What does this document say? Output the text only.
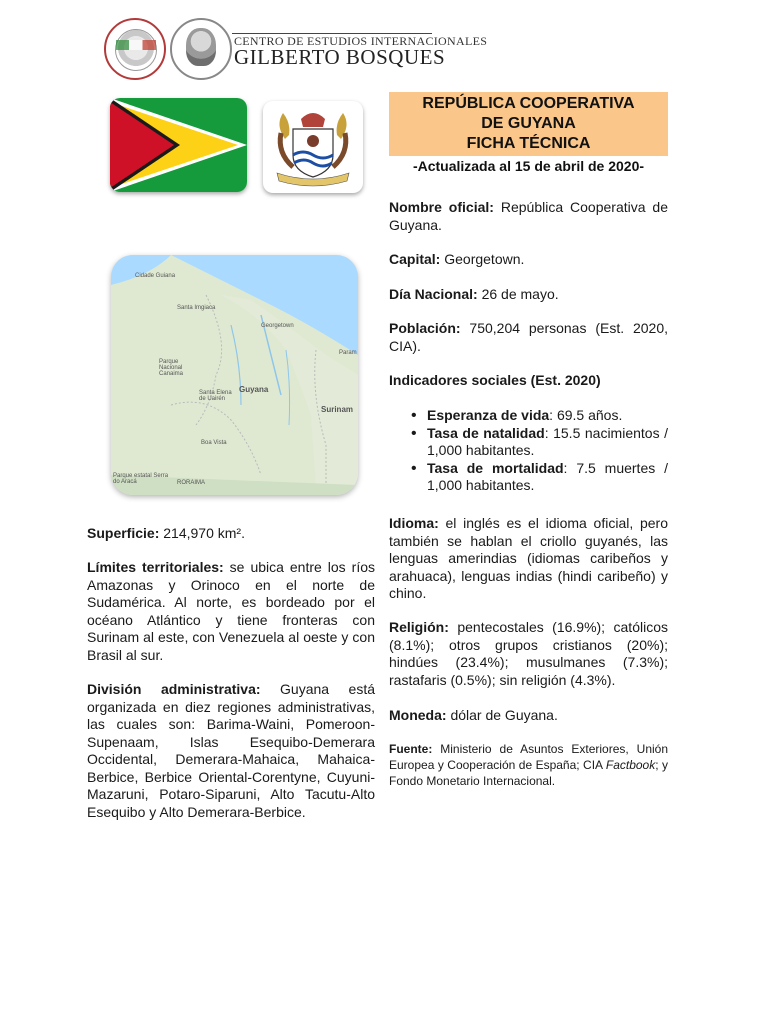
CENTRO DE ESTUDIOS INTERNACIONALES
GILBERTO BOSQUES
Cidade Guiana
Santa Imgiaca
Georgetown
Guyana
Surinam
Parque Nacional Canaima
Santa Elena de Uairén
Boa Vista
Param
RORAIMA
Parque estatal Serra do Aracá
REPÚBLICA COOPERATIVA
DE GUYANA
FICHA TÉCNICA
-Actualizada al 15 de abril de 2020-
Superficie: 214,970 km².
Límites territoriales: se ubica entre los ríos Amazonas y Orinoco en el norte de Sudamérica. Al norte, es bordeado por el océano Atlántico y tiene fronteras con Surinam al este, con Venezuela al oeste y con Brasil al sur.
División administrativa: Guyana está organizada en diez regiones administrativas, las cuales son: Barima-Waini, Pomeroon-Supenaam, Islas Esequibo-Demerara Occidental, Demerara-Mahaica, Mahaica-Berbice, Berbice Oriental-Corentyne, Cuyuni-Mazaruni, Potaro-Siparuni, Alto Tacutu-Alto Esequibo y Alto Demerara-Berbice.
Nombre oficial: República Cooperativa de Guyana.
Capital: Georgetown.
Día Nacional: 26 de mayo.
Población: 750,204 personas (Est. 2020, CIA).
Indicadores sociales (Est. 2020)
• Esperanza de vida: 69.5 años.
• Tasa de natalidad: 15.5 nacimientos / 1,000 habitantes.
• Tasa de mortalidad: 7.5 muertes / 1,000 habitantes.
Idioma: el inglés es el idioma oficial, pero también se hablan el criollo guyanés, las lenguas amerindias (idiomas caribeños y arahuaca), lenguas indias (hindi caribeño) y chino.
Religión: pentecostales (16.9%); católicos (8.1%); otros grupos cristianos (20%); hindúes (23.4%); musulmanes (7.3%); rastafaris (0.5%); sin religión (4.3%).
Moneda: dólar de Guyana.
Fuente: Ministerio de Asuntos Exteriores, Unión Europea y Cooperación de España; CIA Factbook; y Fondo Monetario Internacional.
